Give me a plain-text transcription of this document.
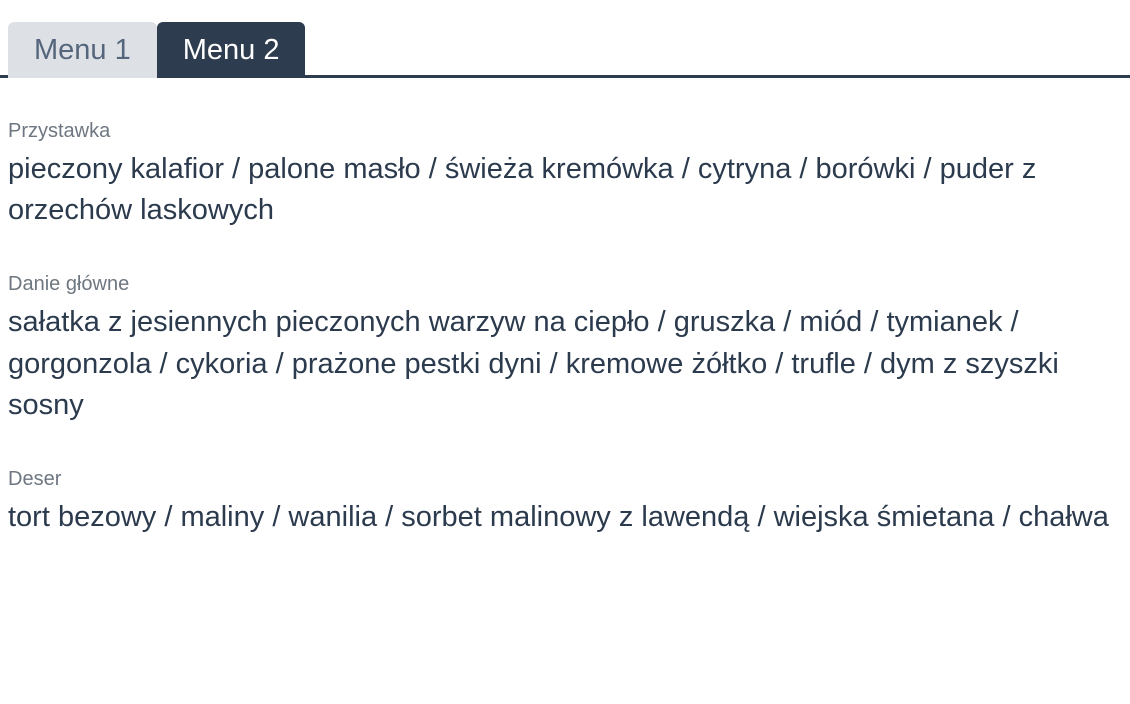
Menu 1 Menu 2
Przystawka
pieczony kalafior / palone masło / świeża kremówka / cytryna / borówki / puder z orzechów laskowych
Danie główne
sałatka z jesiennych pieczonych warzyw na ciepło / gruszka / miód / tymianek / gorgonzola / cykoria / prażone pestki dyni / kremowe żółtko / trufle / dym z szyszki sosny
Deser
tort bezowy / maliny / wanilia / sorbet malinowy z lawendą / wiejska śmietana / chałwa
